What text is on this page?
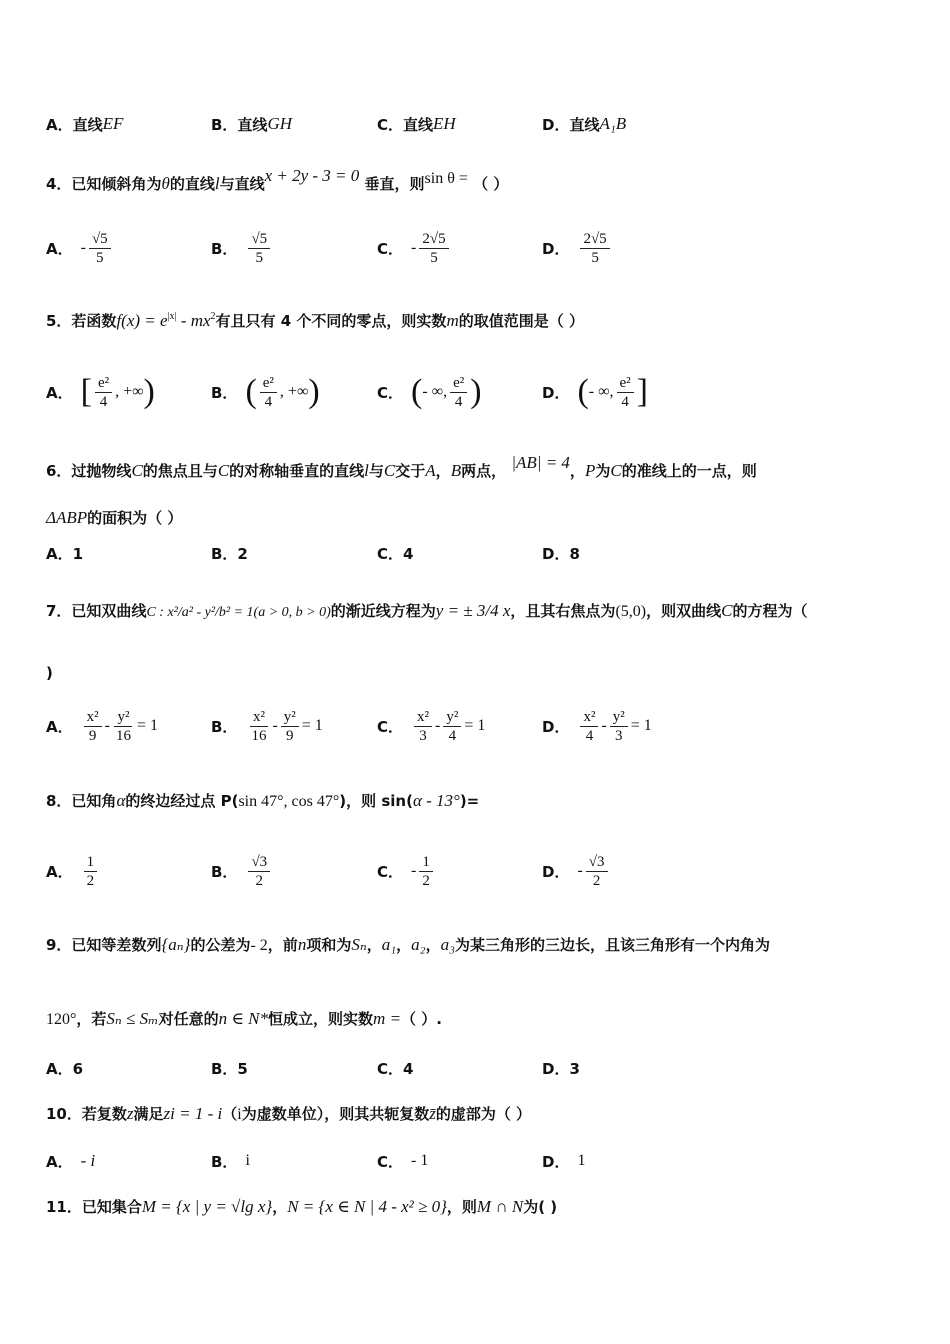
A．直线 EF	B．直线 GH	C．直线 EH	D．直线 A₁B
4．已知倾斜角为θ的直线l与直线x + 2y - 3 = 0 垂直，则sin θ = （ ）
A． - $\frac{√5}{5}$	B． $\frac{√5}{5}$	C． - $\frac{2√5}{5}$	D． $\frac{2√5}{5}$
5．若函数$f(x) = e^{|x|} - mx^2$有且只有 4 个不同的零点，则实数m的取值范围是（ ）
A． [ $\frac{\text{e²}}{4}$ , +∞ )	B． ( $\frac{\text{e²}}{4}$ , +∞ )	C． ( - ∞, $\frac{\text{e²}}{4}$ )	D． ( - ∞, $\frac{\text{e²}}{4}$ ]
6．过抛物线C的焦点且与C的对称轴垂直的直线l与C交于A，B两点， |AB| = 4，P为C的准线上的一点，则
ΔABP的面积为（ ）
A．1	B．2	C．4	D．8
7．已知双曲线C : x²/a² - y²/b² = 1(a > 0, b > 0)的渐近线方程为y = ± 3/4 x，且其右焦点为(5,0)，则双曲线C的方程为（
)
A． $\frac{\text{x²}}{9} - \frac{\text{y²}}{16} = 1$	B． $\frac{\text{x²}}{16} - \frac{\text{y²}}{9} = 1$	C． $\frac{\text{x²}}{3} - \frac{\text{y²}}{4} = 1$	D． $\frac{\text{x²}}{4} - \frac{\text{y²}}{3} = 1$
8．已知角α的终边经过点 P(sin 47°, cos 47°)，则 sin(α - 13°)=
A． $\frac{1}{2}$	B． $\frac{√3}{2}$	C． - $\frac{1}{2}$	D． - $\frac{√3}{2}$
9．已知等差数列{aₙ}的公差为- 2，前n项和为Sₙ，a₁，a₂，a₃为某三角形的三边长，且该三角形有一个内角为
120°，若Sₙ ≤ Sₘ对任意的n ∈ N*恒成立，则实数m =（ ）.
A．6	B．5	C．4	D．3
10．若复数z满足zi = 1 - i（i为虚数单位），则其共轭复数z̄的虚部为（ ）
A． - i	B． i	C． - 1	D． 1
11．已知集合M = {x | y = √lg x}，N = {x ∈ N | 4 - x² ≥ 0}，则M ∩ N为( )
